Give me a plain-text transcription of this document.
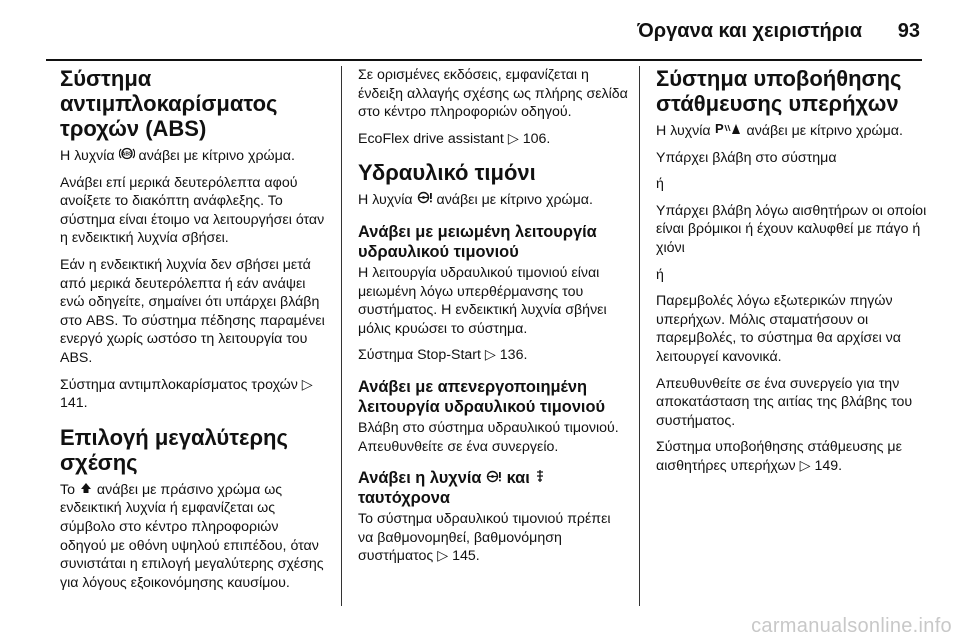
Όργανα και χειριστήρια 93
Σύστημα αντιμπλοκαρίσματος τροχών (ABS)

Η λυχνία ABS ανάβει με κίτρινο χρώμα.

Ανάβει επί μερικά δευτερόλεπτα αφού ανοίξετε το διακόπτη ανάφλεξης. Το σύστημα είναι έτοιμο να λειτουργήσει όταν η ενδεικτική λυχνία σβήσει.

Εάν η ενδεικτική λυχνία δεν σβήσει μετά από μερικά δευτερόλεπτα ή εάν ανάψει ενώ οδηγείτε, σημαίνει ότι υπάρχει βλάβη στο ABS. Το σύστημα πέδησης παραμένει ενεργό χωρίς ωστόσο τη λειτουργία του ABS.

Σύστημα αντιμπλοκαρίσματος τροχών ▷ 141.

Επιλογή μεγαλύτερης σχέσης

Το  ανάβει με πράσινο χρώμα ως ενδεικτική λυχνία ή εμφανίζεται ως σύμβολο στο κέντρο πληροφοριών οδηγού με οθόνη υψηλού επιπέδου, όταν συνιστάται η επιλογή μεγαλύτερης σχέσης για λόγους εξοικονόμησης καυσίμου.

Σε ορισμένες εκδόσεις, εμφανίζεται η ένδειξη αλλαγής σχέσης ως πλήρης σελίδα στο κέντρο πληροφοριών οδηγού.

EcoFlex drive assistant ▷ 106.

Υδραυλικό τιμόνι

Η λυχνία  ανάβει με κίτρινο χρώμα.

Ανάβει με μειωμένη λειτουργία υδραυλικού τιμονιού

Η λειτουργία υδραυλικού τιμονιού είναι μειωμένη λόγω υπερθέρμανσης του συστήματος. Η ενδεικτική λυχνία σβήνει μόλις κρυώσει το σύστημα.

Σύστημα Stop-Start ▷ 136.

Ανάβει με απενεργοποιημένη λειτουργία υδραυλικού τιμονιού

Βλάβη στο σύστημα υδραυλικού τιμονιού. Απευθυνθείτε σε ένα συνεργείο.

Ανάβει η λυχνία  και
ταυτόχρονα

Το σύστημα υδραυλικού τιμονιού πρέπει να βαθμονομηθεί, βαθμονόμηση συστήματος ▷ 145.

Σύστημα υποβοήθησης στάθμευσης υπερήχων

Η λυχνία P ανάβει με κίτρινο χρώμα.

Υπάρχει βλάβη στο σύστημα

ή

Υπάρχει βλάβη λόγω αισθητήρων οι οποίοι είναι βρόμικοι ή έχουν καλυφθεί με πάγο ή χιόνι

ή

Παρεμβολές λόγω εξωτερικών πηγών υπερήχων. Μόλις σταματήσουν οι παρεμβολές, το σύστημα θα αρχίσει να λειτουργεί κανονικά.

Απευθυνθείτε σε ένα συνεργείο για την αποκατάσταση της αιτίας της βλάβης του συστήματος.

Σύστημα υποβοήθησης στάθμευσης με αισθητήρες υπερήχων ▷ 149.

carmanualsonline.info
